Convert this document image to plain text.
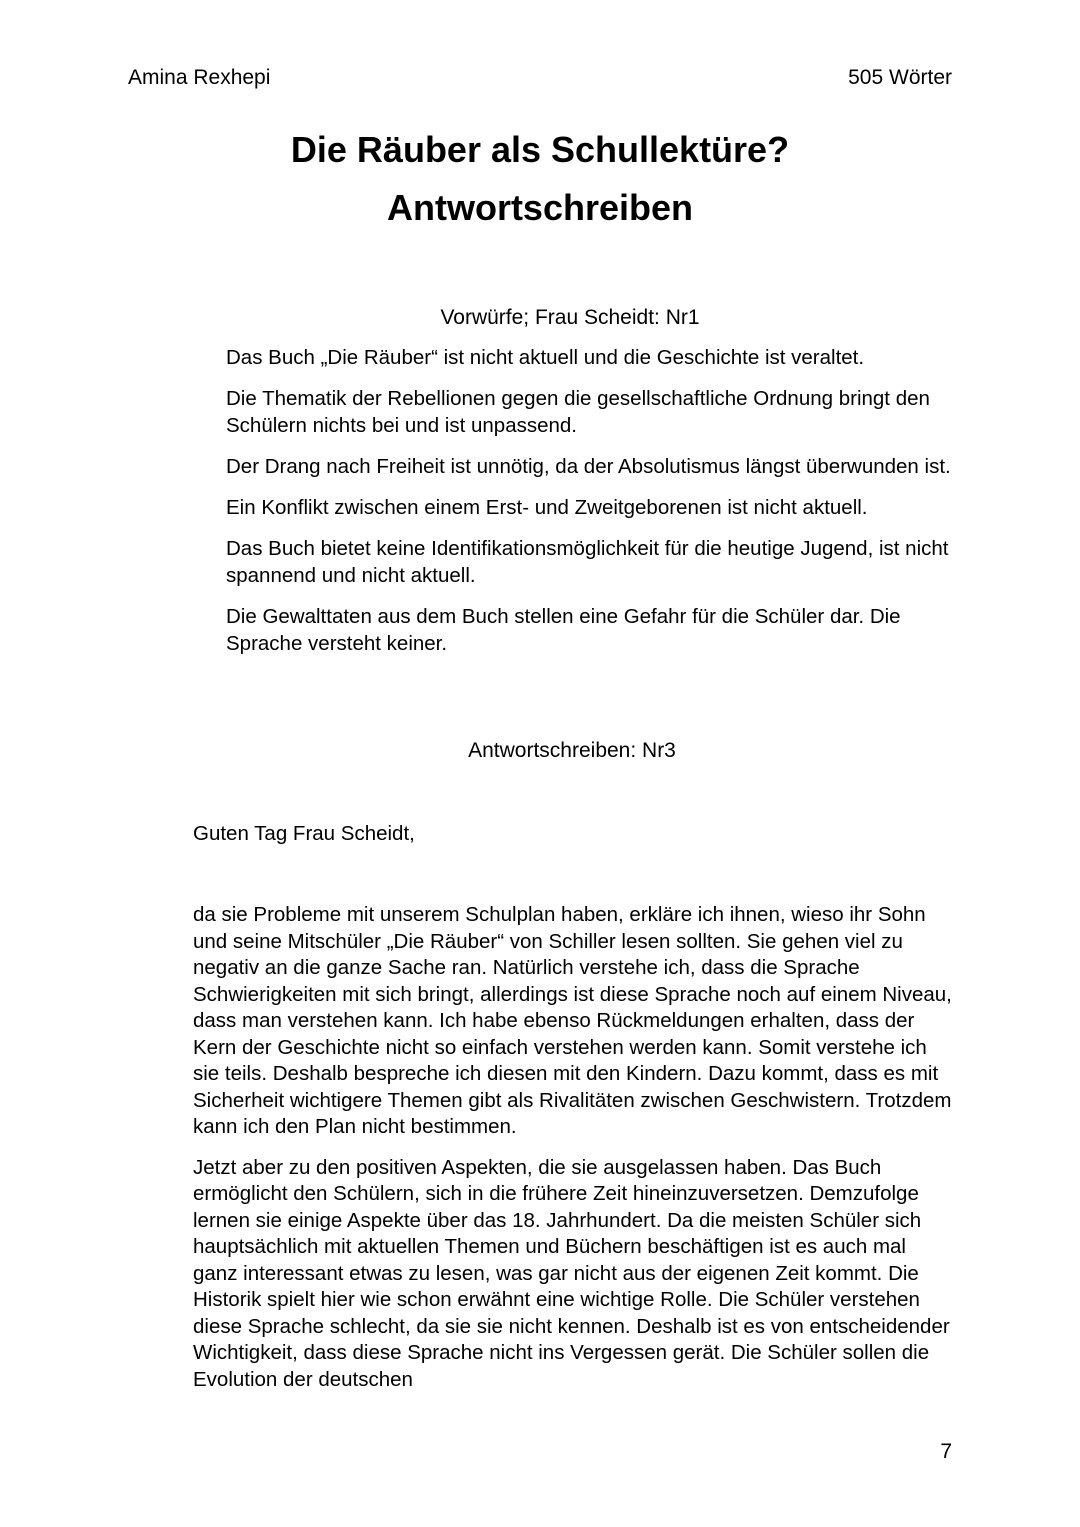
Amina Rexhepi	505 Wörter
Die Räuber als Schullektüre?
Antwortschreiben
Vorwürfe; Frau Scheidt: Nr1
Das Buch „Die Räuber“ ist nicht aktuell und die Geschichte ist veraltet.
Die Thematik der Rebellionen gegen die gesellschaftliche Ordnung bringt den Schülern nichts bei und ist unpassend.
Der Drang nach Freiheit ist unnötig, da der Absolutismus längst überwunden ist.
Ein Konflikt zwischen einem Erst- und Zweitgeborenen ist nicht aktuell.
Das Buch bietet keine Identifikationsmöglichkeit für die heutige Jugend, ist nicht spannend und nicht aktuell.
Die Gewalttaten aus dem Buch stellen eine Gefahr für die Schüler dar. Die Sprache versteht keiner.
Antwortschreiben: Nr3
Guten Tag Frau Scheidt,

da sie Probleme mit unserem Schulplan haben, erkläre ich ihnen, wieso ihr Sohn und seine Mitschüler „Die Räuber“ von Schiller lesen sollten. Sie gehen viel zu negativ an die ganze Sache ran. Natürlich verstehe ich, dass die Sprache Schwierigkeiten mit sich bringt, allerdings ist diese Sprache noch auf einem Niveau, dass man verstehen kann. Ich habe ebenso Rückmeldungen erhalten, dass der Kern der Geschichte nicht so einfach verstehen werden kann. Somit verstehe ich sie teils. Deshalb bespreche ich diesen mit den Kindern. Dazu kommt, dass es mit Sicherheit wichtigere Themen gibt als Rivalitäten zwischen Geschwistern. Trotzdem kann ich den Plan nicht bestimmen.

Jetzt aber zu den positiven Aspekten, die sie ausgelassen haben. Das Buch ermöglicht den Schülern, sich in die frühere Zeit hineinzuversetzen. Demzufolge lernen sie einige Aspekte über das 18. Jahrhundert. Da die meisten Schüler sich hauptsächlich mit aktuellen Themen und Büchern beschäftigen ist es auch mal ganz interessant etwas zu lesen, was gar nicht aus der eigenen Zeit kommt. Die Historik spielt hier wie schon erwähnt eine wichtige Rolle. Die Schüler verstehen diese Sprache schlecht, da sie sie nicht kennen. Deshalb ist es von entscheidender Wichtigkeit, dass diese Sprache nicht ins Vergessen gerät. Die Schüler sollen die Evolution der deutschen

7
